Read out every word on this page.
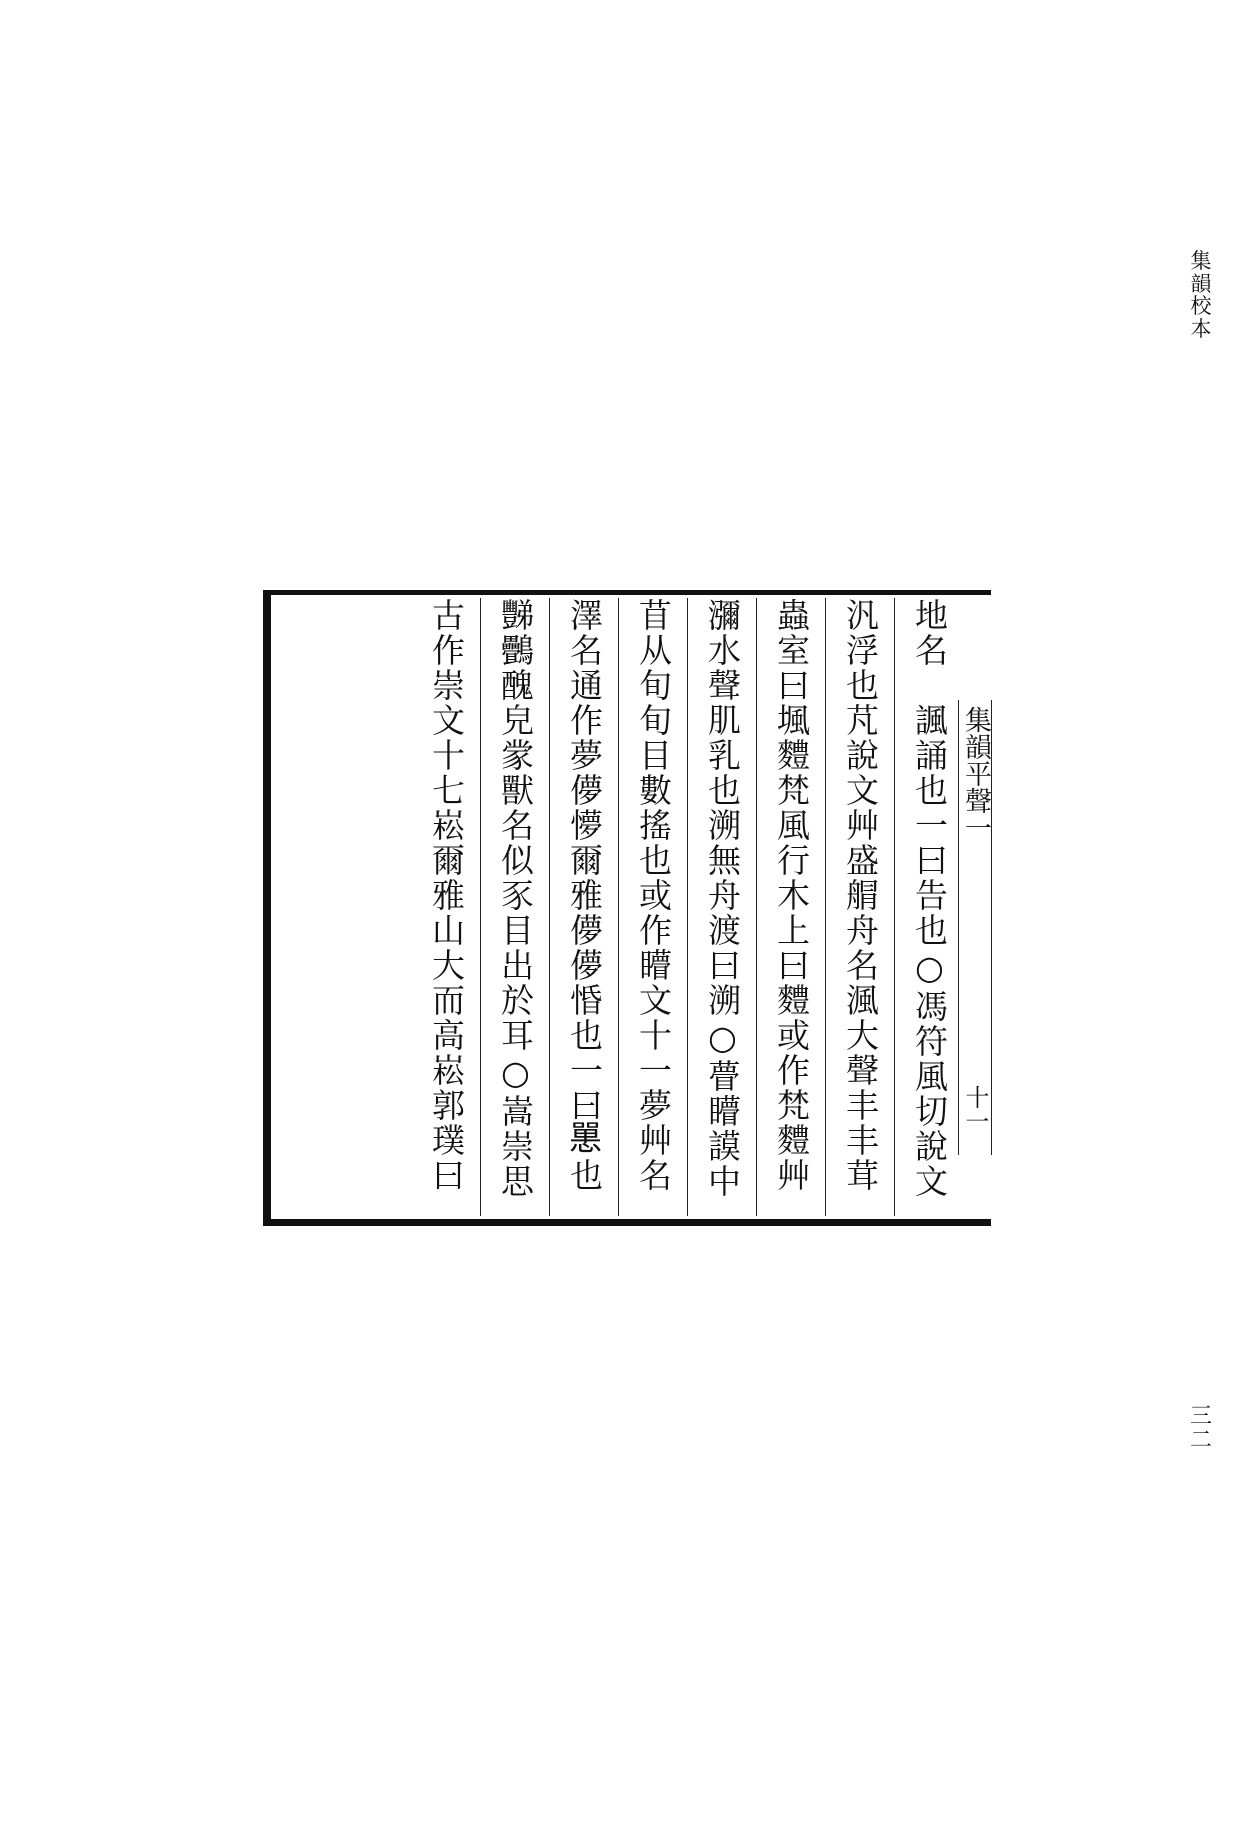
集韻校本
三二
集韻平聲一
十一
地名　諷誦也一曰告也○馮符風切說文
汎浮也芃說文艸盛䑵舟名渢大聲丰丰茸
蟲室曰堸䵄梵風行木上曰䵄或作梵䵄艸
瀰水聲肌乳也溯無舟渡曰溯○瞢矒謨中
苜从旬旬目數搖也或作矒文十一夢艸名
澤名通作夢儚懜爾雅儚儚惛也一曰𢠸也
豒䴑醜皃䝉獸名似豕目出於耳○嵩崇思
古作崇文十七崧爾雅山大而高崧郭璞曰
